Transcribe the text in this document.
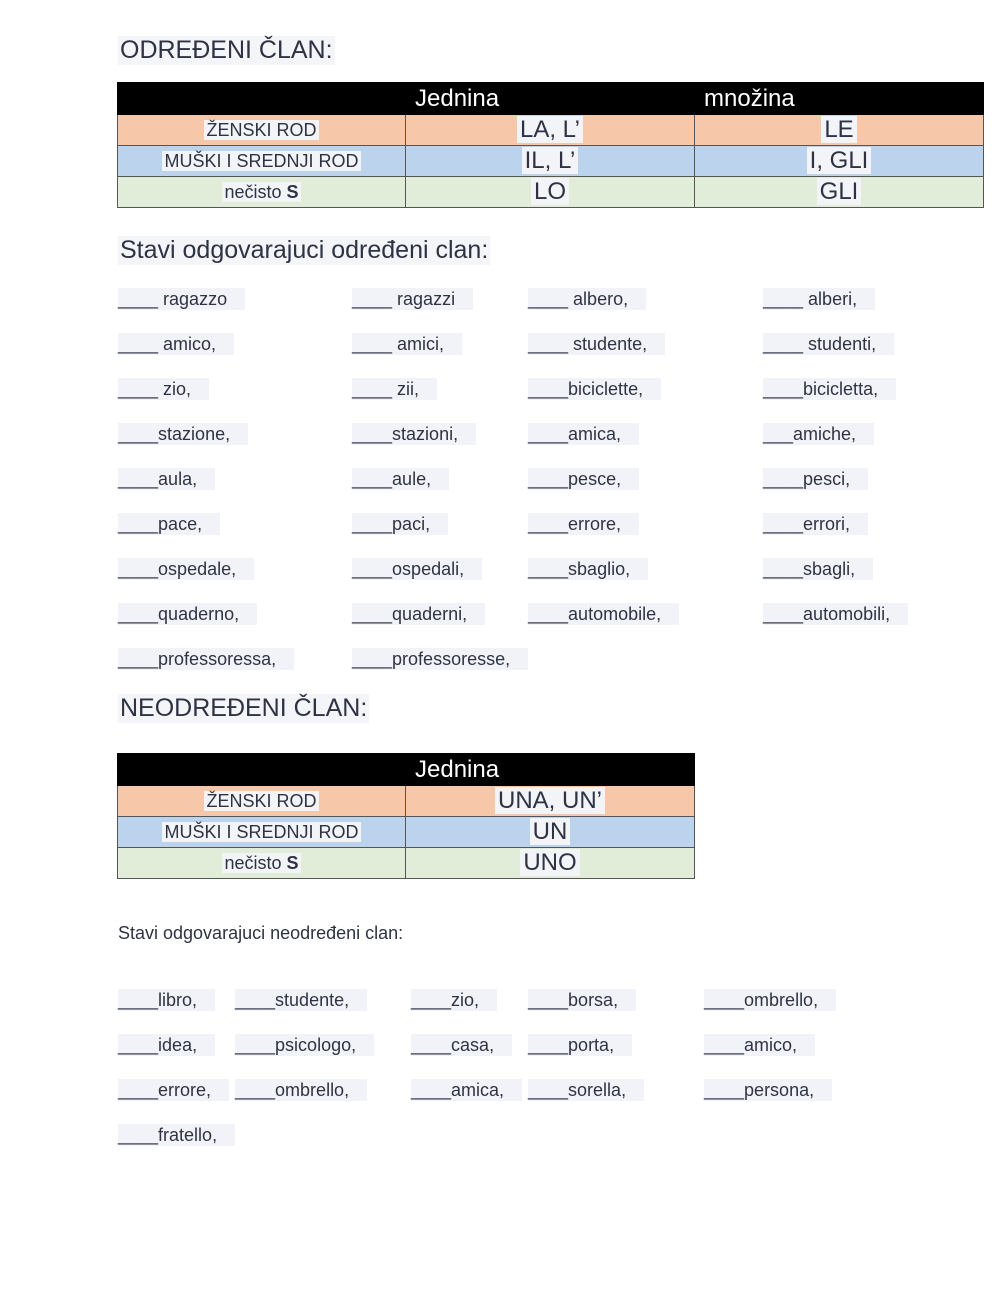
ODREĐENI ČLAN:
	Jednina	množina
ŽENSKI ROD	LA, L’	LE
MUŠKI I SREDNJI ROD	IL, L’	I, GLI
nečisto S	LO	GLI
Stavi odgovarajuci određeni clan:
____ ragazzo	____ ragazzi	____ albero,	____ alberi,
____ amico,	____ amici,	____ studente,	____ studenti,
____ zio,	____ zii,	____biciclette,	____bicicletta,
____stazione,	____stazioni,	____amica,	___amiche,
____aula,	____aule,	____pesce,	____pesci,
____pace,	____paci,	____errore,	____errori,
____ospedale,	____ospedali,	____sbaglio,	____sbagli,
____quaderno,	____quaderni,	____automobile,	____automobili,
____professoressa,	____professoresse,
NEODREĐENI ČLAN:
	Jednina
ŽENSKI ROD	UNA, UN’
MUŠKI I SREDNJI ROD	UN
nečisto S	UNO
Stavi odgovarajuci neodređeni clan:
____libro,	____studente,	____zio,	____borsa,	____ombrello,
____idea,	____psicologo,	____casa,	____porta,	____amico,
____errore,	____ombrello,	____amica,	____sorella,	____persona,
____fratello,
